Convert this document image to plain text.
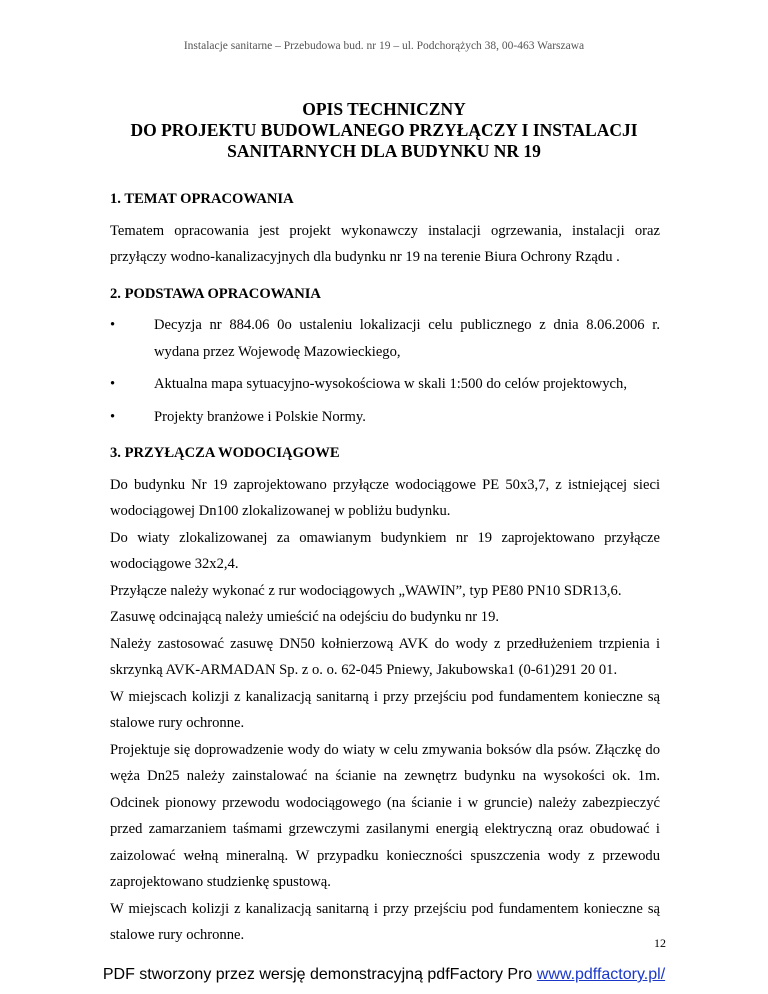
Instalacje sanitarne – Przebudowa bud. nr 19 – ul. Podchorążych 38, 00-463 Warszawa
OPIS TECHNICZNY
DO PROJEKTU BUDOWLANEGO PRZYŁĄCZY I INSTALACJI
SANITARNYCH DLA BUDYNKU NR 19
1. TEMAT OPRACOWANIA

Tematem opracowania jest projekt wykonawczy instalacji ogrzewania, instalacji oraz przyłączy wodno-kanalizacyjnych dla budynku nr 19 na terenie Biura Ochrony Rządu .

2. PODSTAWA OPRACOWANIA
•	Decyzja nr 884.06 0o ustaleniu lokalizacji celu publicznego z dnia 8.06.2006 r. wydana przez Wojewodę Mazowieckiego,
•	Aktualna mapa sytuacyjno-wysokościowa w skali 1:500 do celów projektowych,
•	Projekty branżowe i Polskie Normy.
3. PRZYŁĄCZA WODOCIĄGOWE

Do budynku Nr 19 zaprojektowano przyłącze wodociągowe PE 50x3,7, z istniejącej sieci wodociągowej Dn100 zlokalizowanej w pobliżu budynku.

Do wiaty zlokalizowanej za omawianym budynkiem nr 19 zaprojektowano przyłącze wodociągowe 32x2,4.

Przyłącze należy wykonać z rur wodociągowych „WAWIN”, typ PE80 PN10 SDR13,6.

Zasuwę odcinającą należy umieścić na odejściu do budynku nr 19.

Należy zastosować zasuwę DN50 kołnierzową AVK do wody z przedłużeniem trzpienia i skrzynką AVK-ARMADAN Sp. z o. o. 62-045 Pniewy, Jakubowska1 (0-61)291 20 01.

W miejscach kolizji z kanalizacją sanitarną i przy przejściu pod fundamentem konieczne są stalowe rury ochronne.

Projektuje się doprowadzenie wody do wiaty w celu zmywania boksów dla psów. Złączkę do węża Dn25 należy zainstalować na ścianie na zewnętrz budynku na wysokości ok. 1m. Odcinek pionowy przewodu wodociągowego (na ścianie i w gruncie) należy zabezpieczyć przed zamarzaniem taśmami grzewczymi zasilanymi energią elektryczną oraz obudować i zaizolować wełną mineralną. W przypadku konieczności spuszczenia wody z przewodu zaprojektowano studzienkę spustową.

W miejscach kolizji z kanalizacją sanitarną i przy przejściu pod fundamentem konieczne są stalowe rury ochronne.	12
PDF stworzony przez wersję demonstracyjną pdfFactory Pro www.pdffactory.pl/
